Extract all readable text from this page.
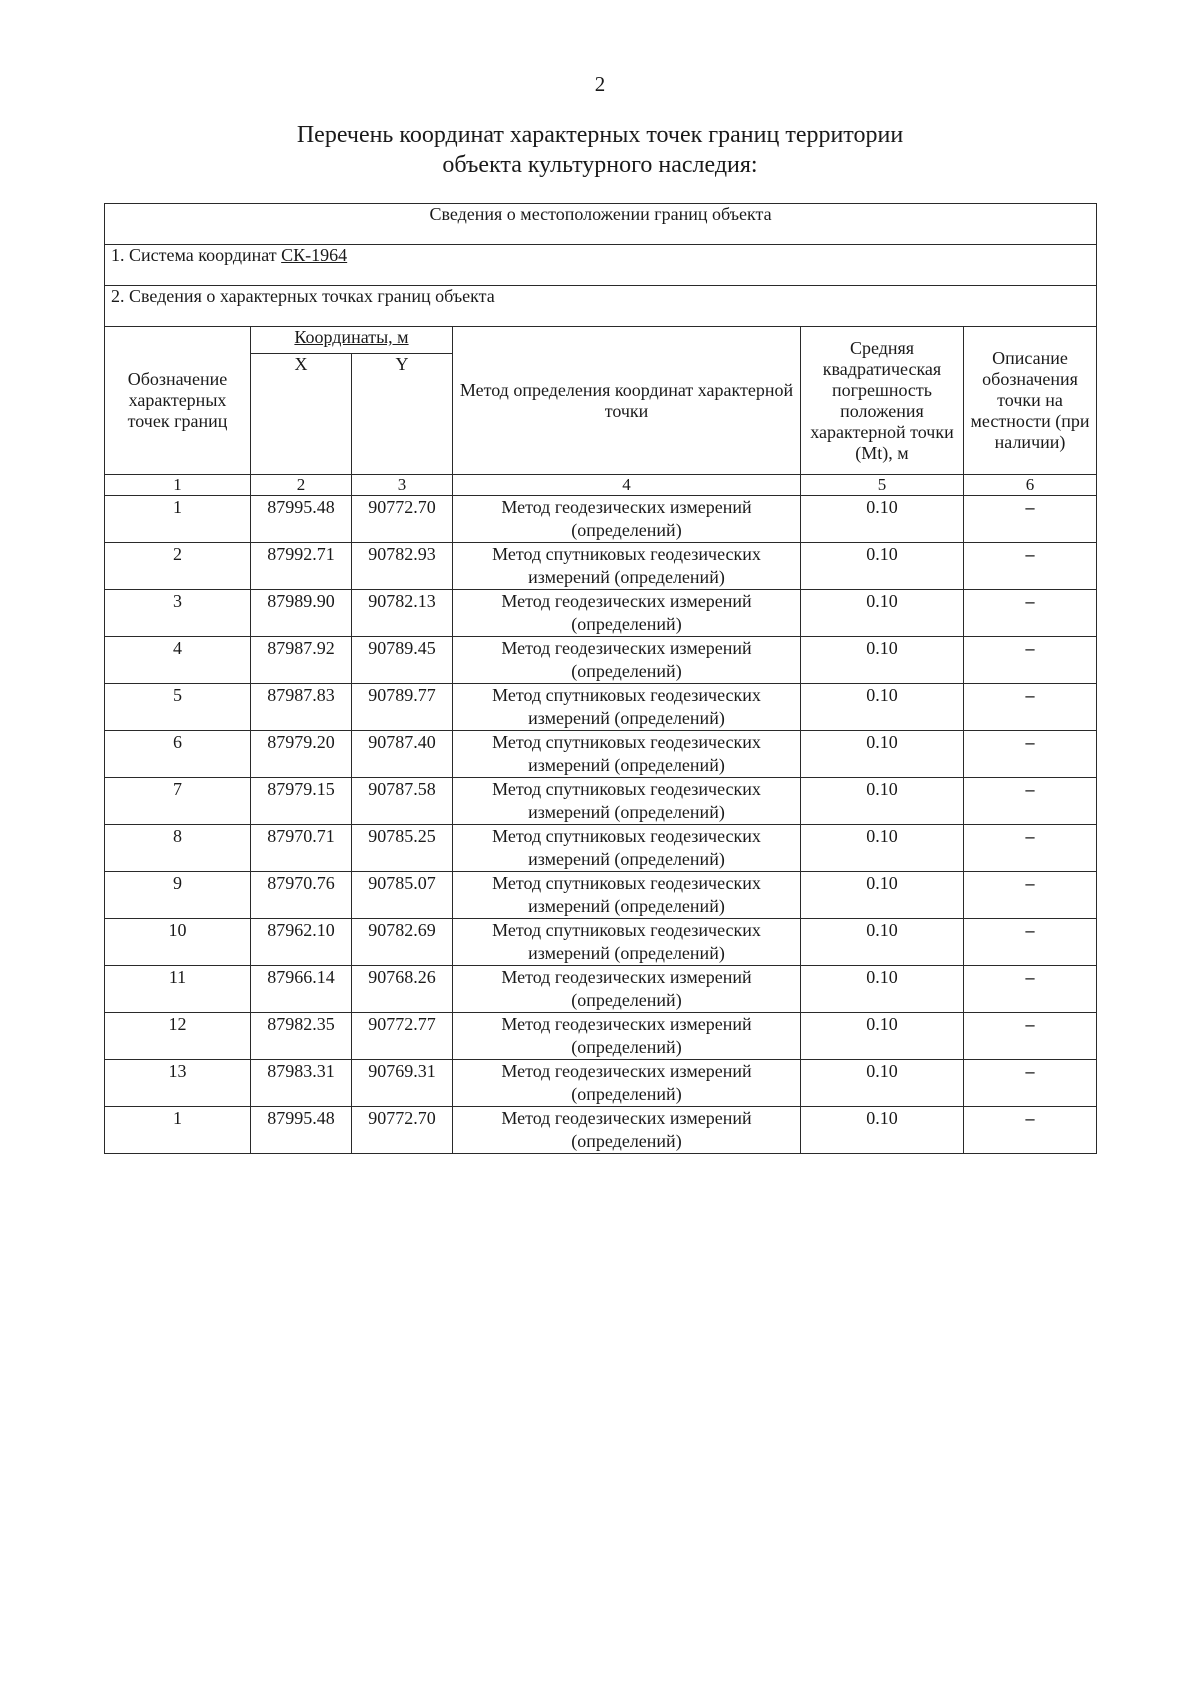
2
Перечень координат характерных точек границ территории
объекта культурного наследия:
Сведения о местоположении границ объекта					
1. Система координат СК-1964					
2. Сведения о характерных точках границ объекта					
Обозначение характерных точек границ	Координаты, м		Метод определения координат характерной точки	Средняя квадратическая погрешность положения характерной точки (Mt), м	Описание обозначения точки на местности (при наличии)
	X	Y			
1	2	3	4	5	6
1	87995.48	90772.70	Метод геодезических измерений (определений)	0.10	–
2	87992.71	90782.93	Метод спутниковых геодезических измерений (определений)	0.10	–
3	87989.90	90782.13	Метод геодезических измерений (определений)	0.10	–
4	87987.92	90789.45	Метод геодезических измерений (определений)	0.10	–
5	87987.83	90789.77	Метод спутниковых геодезических измерений (определений)	0.10	–
6	87979.20	90787.40	Метод спутниковых геодезических измерений (определений)	0.10	–
7	87979.15	90787.58	Метод спутниковых геодезических измерений (определений)	0.10	–
8	87970.71	90785.25	Метод спутниковых геодезических измерений (определений)	0.10	–
9	87970.76	90785.07	Метод спутниковых геодезических измерений (определений)	0.10	–
10	87962.10	90782.69	Метод спутниковых геодезических измерений (определений)	0.10	–
11	87966.14	90768.26	Метод геодезических измерений (определений)	0.10	–
12	87982.35	90772.77	Метод геодезических измерений (определений)	0.10	–
13	87983.31	90769.31	Метод геодезических измерений (определений)	0.10	–
1	87995.48	90772.70	Метод геодезических измерений (определений)	0.10	–
